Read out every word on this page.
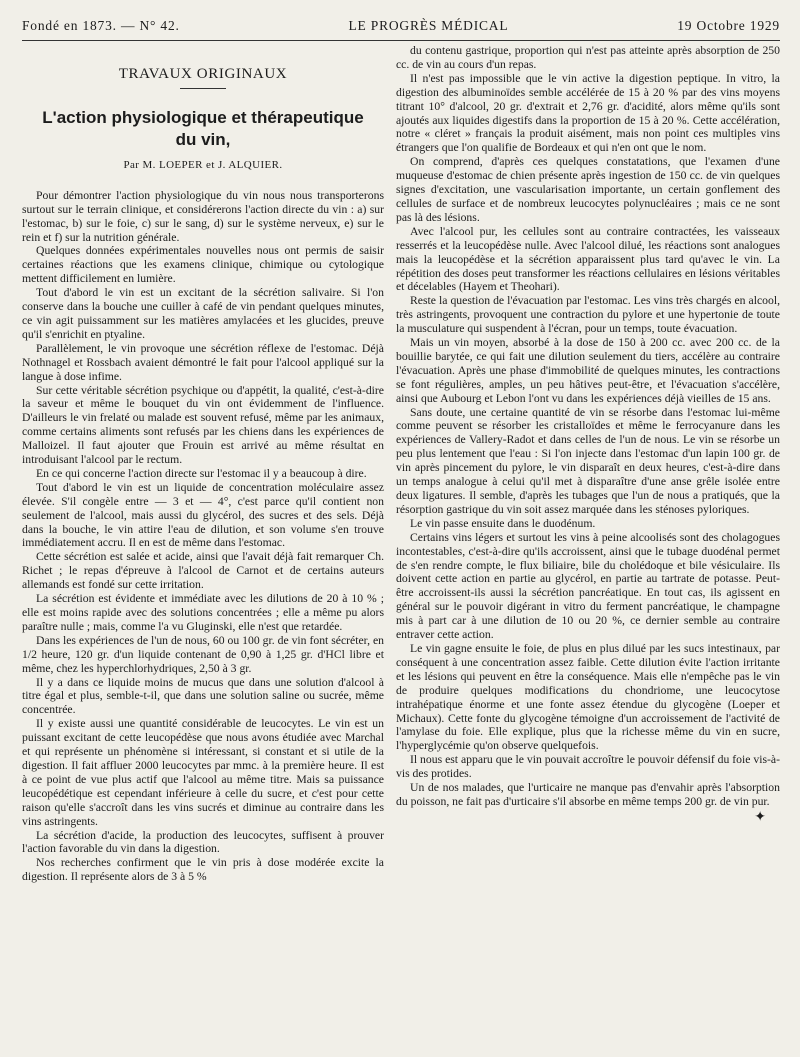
Fondé en 1873. — N° 42.	LE PROGRÈS MÉDICAL	19 Octobre 1929
TRAVAUX ORIGINAUX
L'action physiologique et thérapeutique
du vin,
Par M. LOEPER et J. ALQUIER.

Pour démontrer l'action physiologique du vin nous nous transporterons surtout sur le terrain clinique, et considérerons l'action directe du vin : a) sur l'estomac, b) sur le foie, c) sur le sang, d) sur le système nerveux, e) sur le rein et f) sur la nutrition générale.

Quelques données expérimentales nouvelles nous ont permis de saisir certaines réactions que les examens clinique, chimique ou cytologique mettent difficilement en lumière.

Tout d'abord le vin est un excitant de la sécrétion salivaire. Si l'on conserve dans la bouche une cuiller à café de vin pendant quelques minutes, ce vin agit puissamment sur les matières amylacées et les glucides, preuve qu'il s'enrichit en ptyaline.

Parallèlement, le vin provoque une sécrétion réflexe de l'estomac. Déjà Nothnagel et Rossbach avaient démontré le fait pour l'alcool appliqué sur la langue à dose infime.

Sur cette véritable sécrétion psychique ou d'appétit, la qualité, c'est-à-dire la saveur et même le bouquet du vin ont évidemment de l'influence. D'ailleurs le vin frelaté ou malade est souvent refusé, même par les animaux, comme certains aliments sont refusés par les chiens dans les expériences de Malloizel. Il faut ajouter que Frouin est arrivé au même résultat en introduisant l'alcool par le rectum.

En ce qui concerne l'action directe sur l'estomac il y a beaucoup à dire.

Tout d'abord le vin est un liquide de concentration moléculaire assez élevée. S'il congèle entre — 3 et — 4°, c'est parce qu'il contient non seulement de l'alcool, mais aussi du glycérol, des sucres et des sels. Déjà dans la bouche, le vin attire l'eau de dilution, et son volume s'en trouve immédiatement accru. Il en est de même dans l'estomac.

Cette sécrétion est salée et acide, ainsi que l'avait déjà fait remarquer Ch. Richet ; le repas d'épreuve à l'alcool de Carnot et de certains auteurs allemands est fondé sur cette irritation.

La sécrétion est évidente et immédiate avec les dilutions de 20 à 10 % ; elle est moins rapide avec des solutions concentrées ; elle a même pu alors paraître nulle ; mais, comme l'a vu Gluginski, elle n'est que retardée.

Dans les expériences de l'un de nous, 60 ou 100 gr. de vin font sécréter, en 1/2 heure, 120 gr. d'un liquide contenant de 0,90 à 1,25 gr. d'HCl libre et même, chez les hyperchlorhydriques, 2,50 à 3 gr.

Il y a dans ce liquide moins de mucus que dans une solution d'alcool à titre égal et plus, semble-t-il, que dans une solution saline ou sucrée, même concentrée.

Il y existe aussi une quantité considérable de leucocytes. Le vin est un puissant excitant de cette leucopédèse que nous avons étudiée avec Marchal et qui représente un phénomène si intéressant, si constant et si utile de la digestion. Il fait affluer 2000 leucocytes par mmc. à la première heure. Il est à ce point de vue plus actif que l'alcool au même titre. Mais sa puissance leucopédétique est cependant inférieure à celle du sucre, et c'est pour cette raison qu'elle s'accroît dans les vins sucrés et diminue au contraire dans les vins astringents.

La sécrétion d'acide, la production des leucocytes, suffisent à prouver l'action favorable du vin dans la digestion.

Nos recherches confirment que le vin pris à dose modérée excite la digestion. Il représente alors de 3 à 5 %

du contenu gastrique, proportion qui n'est pas atteinte après absorption de 250 cc. de vin au cours d'un repas.

Il n'est pas impossible que le vin active la digestion peptique. In vitro, la digestion des albuminoïdes semble accélérée de 15 à 20 % par des vins moyens titrant 10° d'alcool, 20 gr. d'extrait et 2,76 gr. d'acidité, alors même qu'ils sont ajoutés aux liquides digestifs dans la proportion de 15 à 20 %. Cette accélération, notre « cléret » français la produit aisément, mais non point ces multiples vins étrangers que l'on qualifie de Bordeaux et qui n'en ont que le nom.

On comprend, d'après ces quelques constatations, que l'examen d'une muqueuse d'estomac de chien présente après ingestion de 150 cc. de vin quelques signes d'excitation, une vascularisation importante, un certain gonflement des cellules de surface et de nombreux leucocytes polynucléaires ; mais ce ne sont pas là des lésions.

Avec l'alcool pur, les cellules sont au contraire contractées, les vaisseaux resserrés et la leucopédèse nulle. Avec l'alcool dilué, les réactions sont analogues mais la leucopédèse et la sécrétion apparaissent plus tard qu'avec le vin. La répétition des doses peut transformer les réactions cellulaires en lésions véritables et décelables (Hayem et Theohari).

Reste la question de l'évacuation par l'estomac. Les vins très chargés en alcool, très astringents, provoquent une contraction du pylore et une hypertonie de toute la musculature qui suspendent à l'écran, pour un temps, toute évacuation.

Mais un vin moyen, absorbé à la dose de 150 à 200 cc. avec 200 cc. de la bouillie barytée, ce qui fait une dilution seulement du tiers, accélère au contraire l'évacuation. Après une phase d'immobilité de quelques minutes, les contractions se font régulières, amples, un peu hâtives peut-être, et l'évacuation s'accélère, ainsi que Aubourg et Lebon l'ont vu dans les expériences déjà vieilles de 15 ans.

Sans doute, une certaine quantité de vin se résorbe dans l'estomac lui-même comme peuvent se résorber les cristalloïdes et même le ferrocyanure dans les expériences de Vallery-Radot et dans celles de l'un de nous. Le vin se résorbe un peu plus lentement que l'eau : Si l'on injecte dans l'estomac d'un lapin 100 gr. de vin après pincement du pylore, le vin disparaît en deux heures, c'est-à-dire dans un temps analogue à celui qu'il met à disparaître d'une anse grêle isolée entre deux ligatures. Il semble, d'après les tubages que l'un de nous a pratiqués, que la résorption gastrique du vin soit assez marquée dans les sténoses pyloriques.

Le vin passe ensuite dans le duodénum.

Certains vins légers et surtout les vins à peine alcoolisés sont des cholagogues incontestables, c'est-à-dire qu'ils accroissent, ainsi que le tubage duodénal permet de s'en rendre compte, le flux biliaire, bile du cholédoque et bile vésiculaire. Ils doivent cette action en partie au glycérol, en partie au tartrate de potasse. Peut-être accroissent-ils aussi la sécrétion pancréatique. En tout cas, ils agissent en général sur le pouvoir digérant in vitro du ferment pancréatique, le champagne mis à part car à une dilution de 10 ou 20 %, ce dernier semble au contraire entraver cette action.

Le vin gagne ensuite le foie, de plus en plus dilué par les sucs intestinaux, par conséquent à une concentration assez faible. Cette dilution évite l'action irritante et les lésions qui peuvent en être la conséquence. Mais elle n'empêche pas le vin de produire quelques modifications du chondriome, une leucocytose intrahépatique énorme et une fonte assez étendue du glycogène (Loeper et Michaux). Cette fonte du glycogène témoigne d'un accroissement de l'activité de l'amylase du foie. Elle explique, plus que la richesse même du vin en sucre, l'hyperglycémie qu'on observe quelquefois.

Il nous est apparu que le vin pouvait accroître le pouvoir défensif du foie vis-à-vis des protides.

Un de nos malades, que l'urticaire ne manque pas d'envahir après l'absorption du poisson, ne fait pas d'urticaire s'il absorbe en même temps 200 gr. de vin pur.

✦
